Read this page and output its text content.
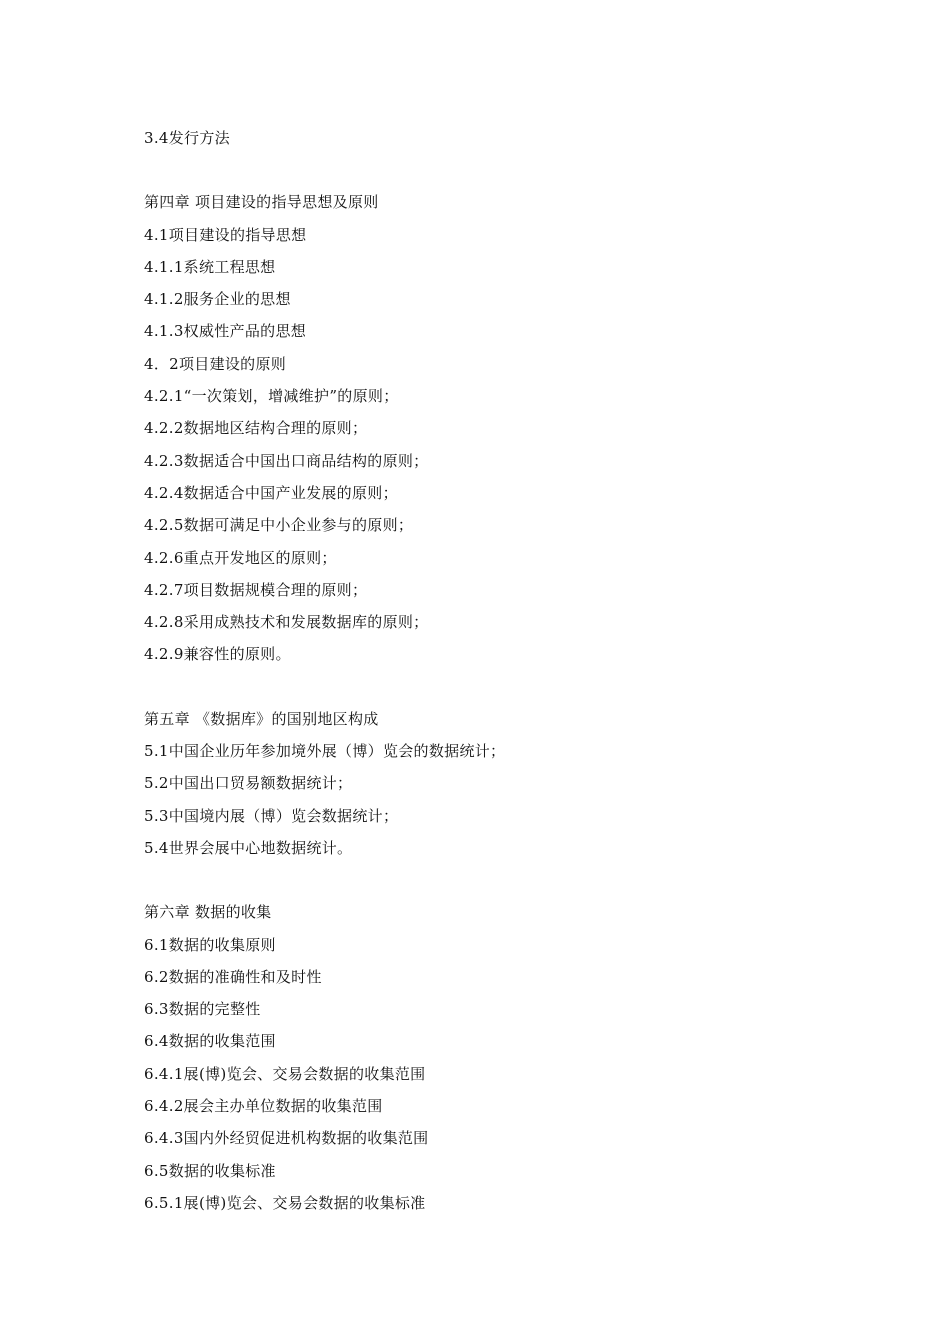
3.4发行方法
第四章 项目建设的指导思想及原则
4.1项目建设的指导思想
4.1.1系统工程思想
4.1.2服务企业的思想
4.1.3权威性产品的思想
4．2项目建设的原则
4.2.1“一次策划，增减维护”的原则；
4.2.2数据地区结构合理的原则；
4.2.3数据适合中国出口商品结构的原则；
4.2.4数据适合中国产业发展的原则；
4.2.5数据可满足中小企业参与的原则；
4.2.6重点开发地区的原则；
4.2.7项目数据规模合理的原则；
4.2.8采用成熟技术和发展数据库的原则；
4.2.9兼容性的原则。
第五章 《数据库》的国别地区构成
5.1中国企业历年参加境外展（博）览会的数据统计；
5.2中国出口贸易额数据统计；
5.3中国境内展（博）览会数据统计；
5.4世界会展中心地数据统计。
第六章 数据的收集
6.1数据的收集原则
6.2数据的准确性和及时性
6.3数据的完整性
6.4数据的收集范围
6.4.1展(博)览会、交易会数据的收集范围
6.4.2展会主办单位数据的收集范围
6.4.3国内外经贸促进机构数据的收集范围
6.5数据的收集标准
6.5.1展(博)览会、交易会数据的收集标准
